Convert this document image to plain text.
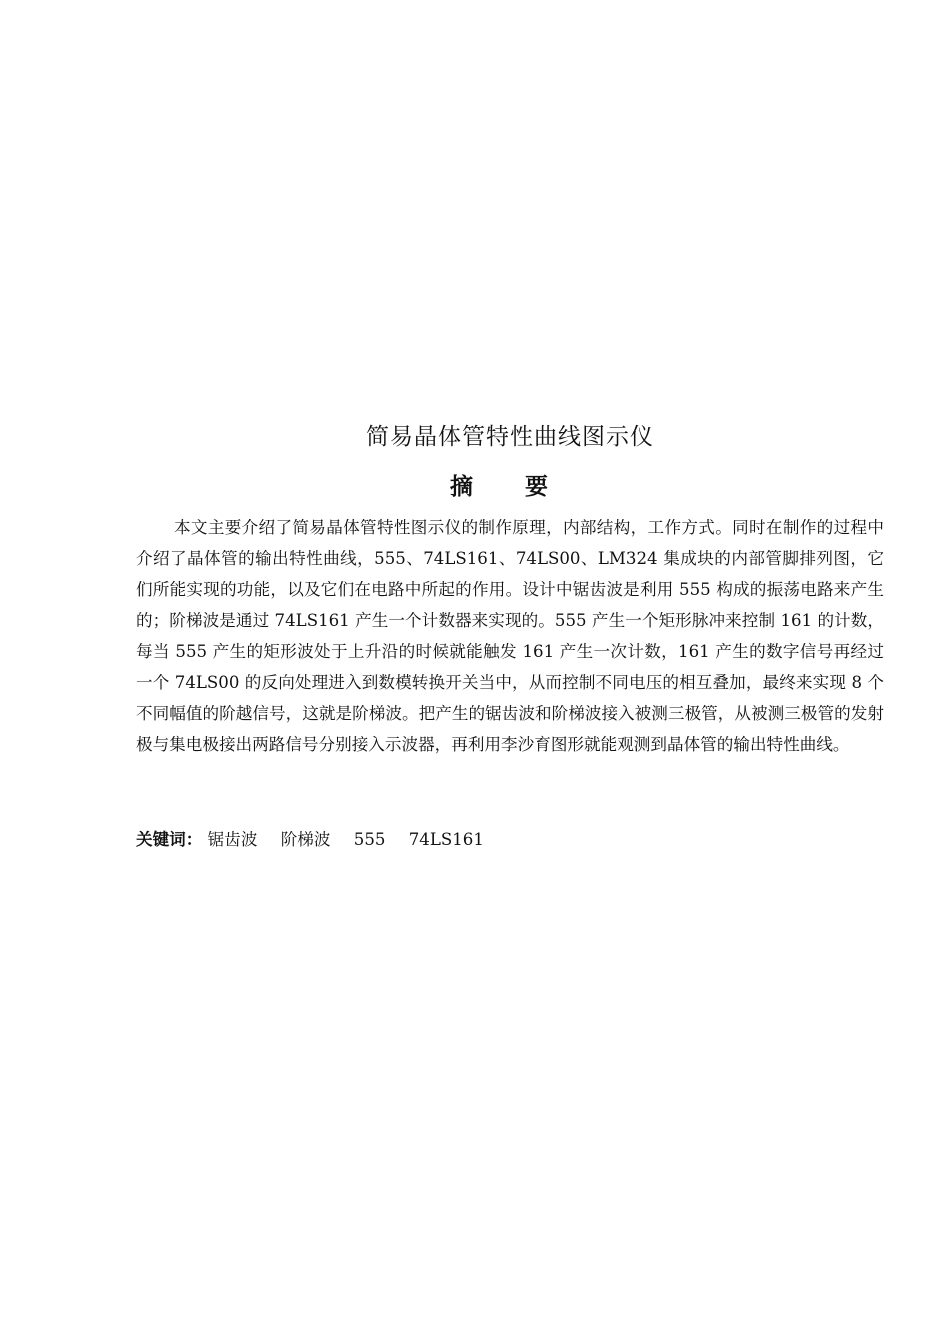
简易晶体管特性曲线图示仪
摘 要

本文主要介绍了简易晶体管特性图示仪的制作原理，内部结构，工作方式。同时在制作的过程中介绍了晶体管的输出特性曲线，555、74LS161、74LS00、LM324 集成块的内部管脚排列图，它们所能实现的功能，以及它们在电路中所起的作用。设计中锯齿波是利用 555 构成的振荡电路来产生的；阶梯波是通过 74LS161 产生一个计数器来实现的。555 产生一个矩形脉冲来控制 161 的计数，每当 555 产生的矩形波处于上升沿的时候就能触发 161 产生一次计数，161 产生的数字信号再经过一个 74LS00 的反向处理进入到数模转换开关当中，从而控制不同电压的相互叠加，最终来实现 8 个不同幅值的阶越信号，这就是阶梯波。把产生的锯齿波和阶梯波接入被测三极管，从被测三极管的发射极与集电极接出两路信号分别接入示波器，再利用李沙育图形就能观测到晶体管的输出特性曲线。

关键词： 锯齿波 阶梯波 555 74LS161
